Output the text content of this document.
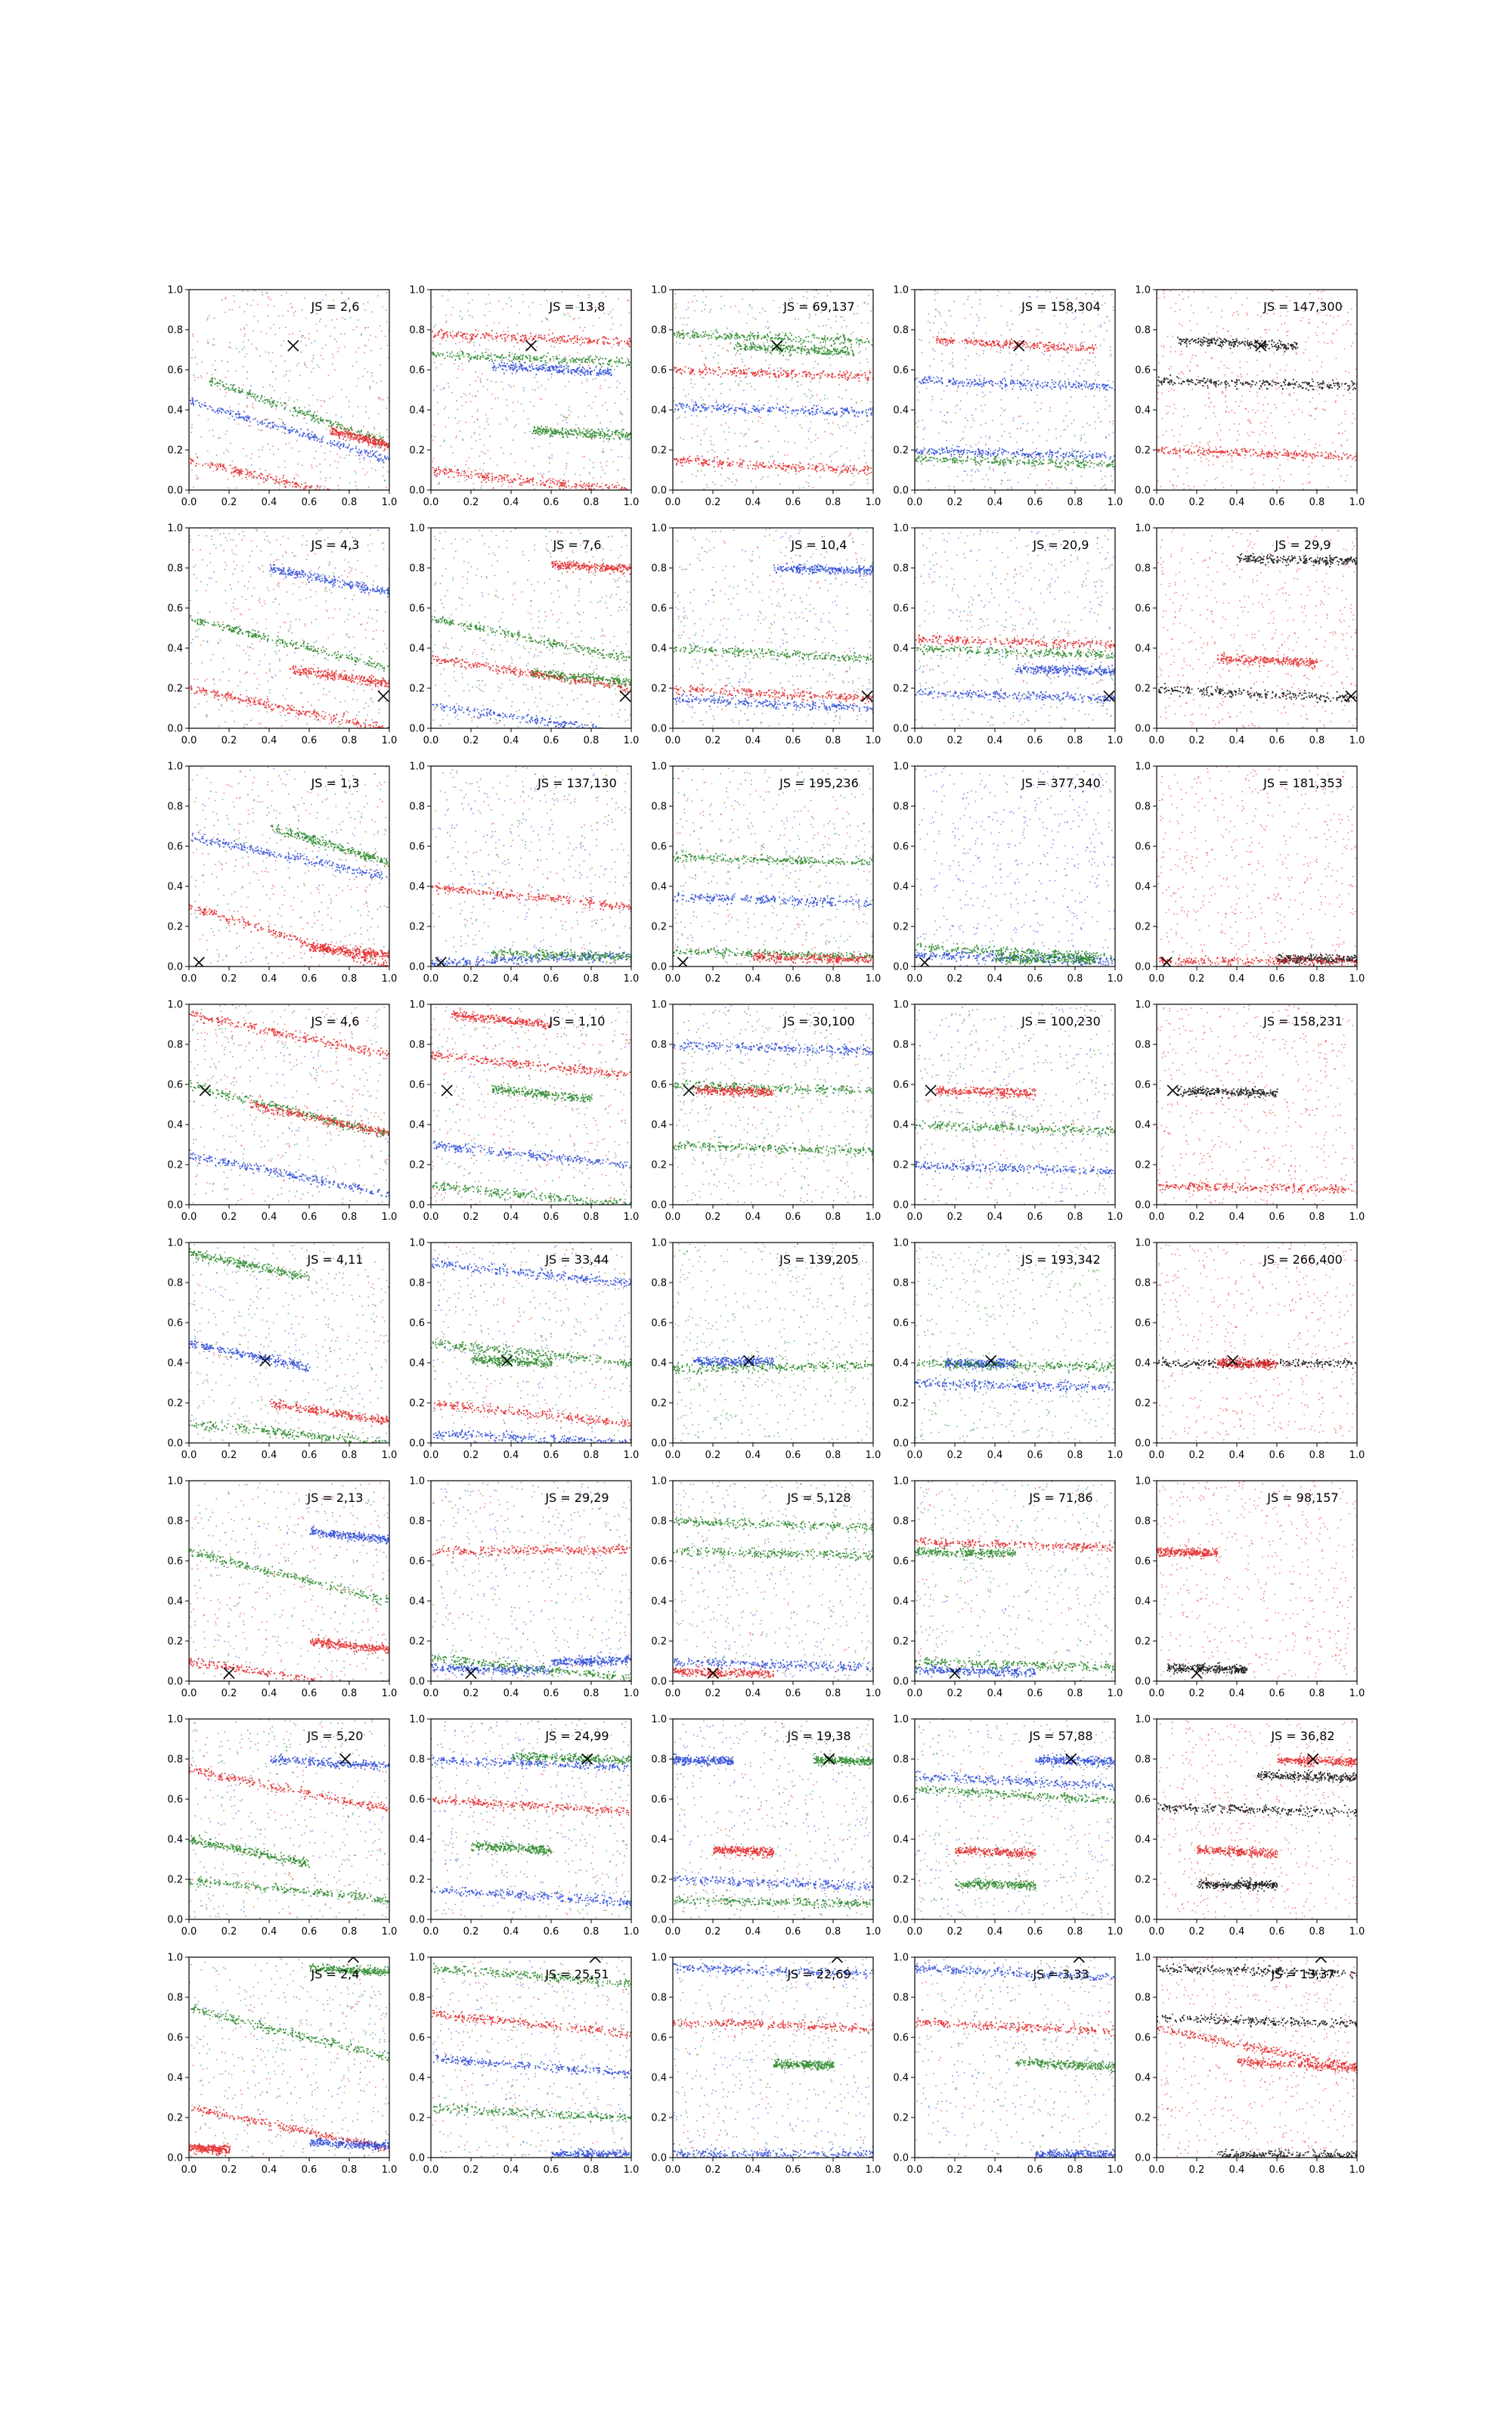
0.0
0.0
0.2
0.2
0.4
0.4
0.6
0.6
0.8
0.8
1.0
1.0
JS = 2,6
0.0
0.0
0.2
0.2
0.4
0.4
0.6
0.6
0.8
0.8
1.0
1.0
JS = 13,8
0.0
0.0
0.2
0.2
0.4
0.4
0.6
0.6
0.8
0.8
1.0
1.0
JS = 69,137
0.0
0.0
0.2
0.2
0.4
0.4
0.6
0.6
0.8
0.8
1.0
1.0
JS = 158,304
0.0
0.0
0.2
0.2
0.4
0.4
0.6
0.6
0.8
0.8
1.0
1.0
JS = 147,300
0.0
0.0
0.2
0.2
0.4
0.4
0.6
0.6
0.8
0.8
1.0
1.0
JS = 4,3
0.0
0.0
0.2
0.2
0.4
0.4
0.6
0.6
0.8
0.8
1.0
1.0
JS = 7,6
0.0
0.0
0.2
0.2
0.4
0.4
0.6
0.6
0.8
0.8
1.0
1.0
JS = 10,4
0.0
0.0
0.2
0.2
0.4
0.4
0.6
0.6
0.8
0.8
1.0
1.0
JS = 20,9
0.0
0.0
0.2
0.2
0.4
0.4
0.6
0.6
0.8
0.8
1.0
1.0
JS = 29,9
0.0
0.0
0.2
0.2
0.4
0.4
0.6
0.6
0.8
0.8
1.0
1.0
JS = 1,3
0.0
0.0
0.2
0.2
0.4
0.4
0.6
0.6
0.8
0.8
1.0
1.0
JS = 137,130
0.0
0.0
0.2
0.2
0.4
0.4
0.6
0.6
0.8
0.8
1.0
1.0
JS = 195,236
0.0
0.0
0.2
0.2
0.4
0.4
0.6
0.6
0.8
0.8
1.0
1.0
JS = 377,340
0.0
0.0
0.2
0.2
0.4
0.4
0.6
0.6
0.8
0.8
1.0
1.0
JS = 181,353
0.0
0.0
0.2
0.2
0.4
0.4
0.6
0.6
0.8
0.8
1.0
1.0
JS = 4,6
0.0
0.0
0.2
0.2
0.4
0.4
0.6
0.6
0.8
0.8
1.0
1.0
JS = 1,10
0.0
0.0
0.2
0.2
0.4
0.4
0.6
0.6
0.8
0.8
1.0
1.0
JS = 30,100
0.0
0.0
0.2
0.2
0.4
0.4
0.6
0.6
0.8
0.8
1.0
1.0
JS = 100,230
0.0
0.0
0.2
0.2
0.4
0.4
0.6
0.6
0.8
0.8
1.0
1.0
JS = 158,231
0.0
0.0
0.2
0.2
0.4
0.4
0.6
0.6
0.8
0.8
1.0
1.0
JS = 4,11
0.0
0.0
0.2
0.2
0.4
0.4
0.6
0.6
0.8
0.8
1.0
1.0
JS = 33,44
0.0
0.0
0.2
0.2
0.4
0.4
0.6
0.6
0.8
0.8
1.0
1.0
JS = 139,205
0.0
0.0
0.2
0.2
0.4
0.4
0.6
0.6
0.8
0.8
1.0
1.0
JS = 193,342
0.0
0.0
0.2
0.2
0.4
0.4
0.6
0.6
0.8
0.8
1.0
1.0
JS = 266,400
0.0
0.0
0.2
0.2
0.4
0.4
0.6
0.6
0.8
0.8
1.0
1.0
JS = 2,13
0.0
0.0
0.2
0.2
0.4
0.4
0.6
0.6
0.8
0.8
1.0
1.0
JS = 29,29
0.0
0.0
0.2
0.2
0.4
0.4
0.6
0.6
0.8
0.8
1.0
1.0
JS = 5,128
0.0
0.0
0.2
0.2
0.4
0.4
0.6
0.6
0.8
0.8
1.0
1.0
JS = 71,86
0.0
0.0
0.2
0.2
0.4
0.4
0.6
0.6
0.8
0.8
1.0
1.0
JS = 98,157
0.0
0.0
0.2
0.2
0.4
0.4
0.6
0.6
0.8
0.8
1.0
1.0
JS = 5,20
0.0
0.0
0.2
0.2
0.4
0.4
0.6
0.6
0.8
0.8
1.0
1.0
JS = 24,99
0.0
0.0
0.2
0.2
0.4
0.4
0.6
0.6
0.8
0.8
1.0
1.0
JS = 19,38
0.0
0.0
0.2
0.2
0.4
0.4
0.6
0.6
0.8
0.8
1.0
1.0
JS = 57,88
0.0
0.0
0.2
0.2
0.4
0.4
0.6
0.6
0.8
0.8
1.0
1.0
JS = 36,82
0.0
0.0
0.2
0.2
0.4
0.4
0.6
0.6
0.8
0.8
1.0
1.0
JS = 2,4
0.0
0.0
0.2
0.2
0.4
0.4
0.6
0.6
0.8
0.8
1.0
1.0
JS = 25,51
0.0
0.0
0.2
0.2
0.4
0.4
0.6
0.6
0.8
0.8
1.0
1.0
JS = 22,69
0.0
0.0
0.2
0.2
0.4
0.4
0.6
0.6
0.8
0.8
1.0
1.0
JS = 3,33
0.0
0.0
0.2
0.2
0.4
0.4
0.6
0.6
0.8
0.8
1.0
1.0
JS = 13,37
